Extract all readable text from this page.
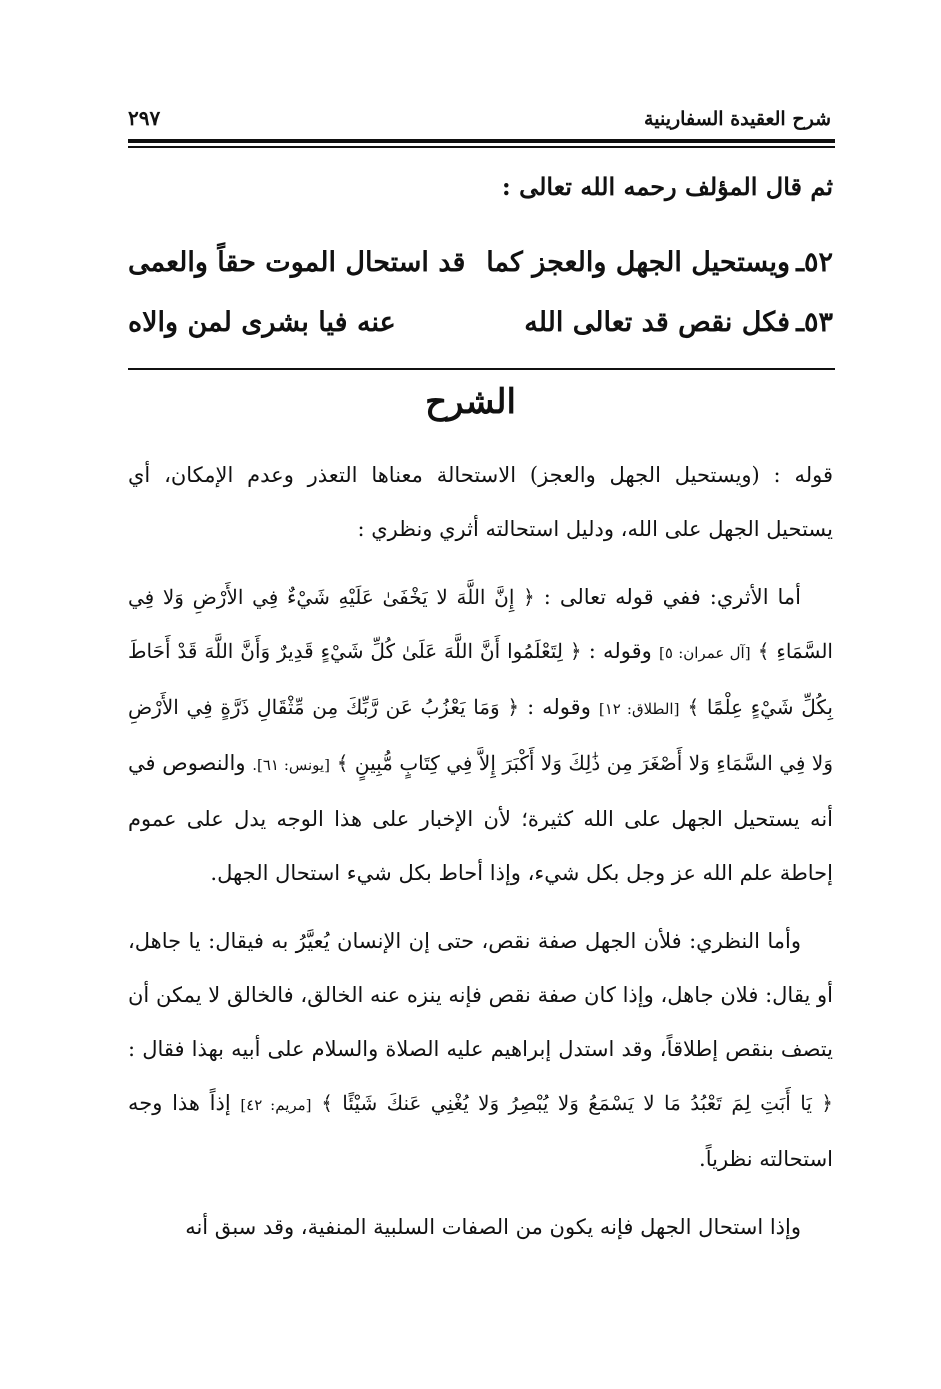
شرح العقيدة السفارينية
٢٩٧
ثم قال المؤلف رحمه الله تعالى :
٥٢ـ
ويستحيل الجهل والعجز كما
قد استحال الموت حقاً والعمى
٥٣ـ
فكل نقص قد تعالى الله
عنه فيا بشرى لمن والاه
الشرح

قوله : (ويستحيل الجهل والعجز) الاستحالة معناها التعذر وعدم الإمكان، أي يستحيل الجهل على الله، ودليل استحالته أثري ونظري :

أما الأثري: ففي قوله تعالى : ﴿ إِنَّ اللَّهَ لا يَخْفَىٰ عَلَيْهِ شَيْءٌ فِي الأَرْضِ وَلا فِي السَّمَاءِ ﴾ [آل عمران: ٥] وقوله : ﴿ لِتَعْلَمُوا أَنَّ اللَّهَ عَلَىٰ كُلِّ شَيْءٍ قَدِيرٌ وَأَنَّ اللَّهَ قَدْ أَحَاطَ بِكُلِّ شَيْءٍ عِلْمًا ﴾ [الطلاق: ١٢] وقوله : ﴿ وَمَا يَعْزُبُ عَن رَّبِّكَ مِن مِّثْقَالِ ذَرَّةٍ فِي الأَرْضِ وَلا فِي السَّمَاءِ وَلا أَصْغَرَ مِن ذَٰلِكَ وَلا أَكْبَرَ إِلاَّ فِي كِتَابٍ مُّبِينٍ ﴾ [يونس: ٦١]. والنصوص في أنه يستحيل الجهل على الله كثيرة؛ لأن الإخبار على هذا الوجه يدل على عموم إحاطة علم الله عز وجل بكل شيء، وإذا أحاط بكل شيء استحال الجهل.

وأما النظري: فلأن الجهل صفة نقص، حتى إن الإنسان يُعيَّرُ به فيقال: يا جاهل، أو يقال: فلان جاهل، وإذا كان صفة نقص فإنه ينزه عنه الخالق، فالخالق لا يمكن أن يتصف بنقص إطلاقاً، وقد استدل إبراهيم عليه الصلاة والسلام على أبيه بهذا فقال : ﴿ يَا أَبَتِ لِمَ تَعْبُدُ مَا لا يَسْمَعُ وَلا يُبْصِرُ وَلا يُغْنِي عَنكَ شَيْئًا ﴾ [مريم: ٤٢] إذاً هذا وجه استحالته نظرياً.

وإذا استحال الجهل فإنه يكون من الصفات السلبية المنفية، وقد سبق أنه
